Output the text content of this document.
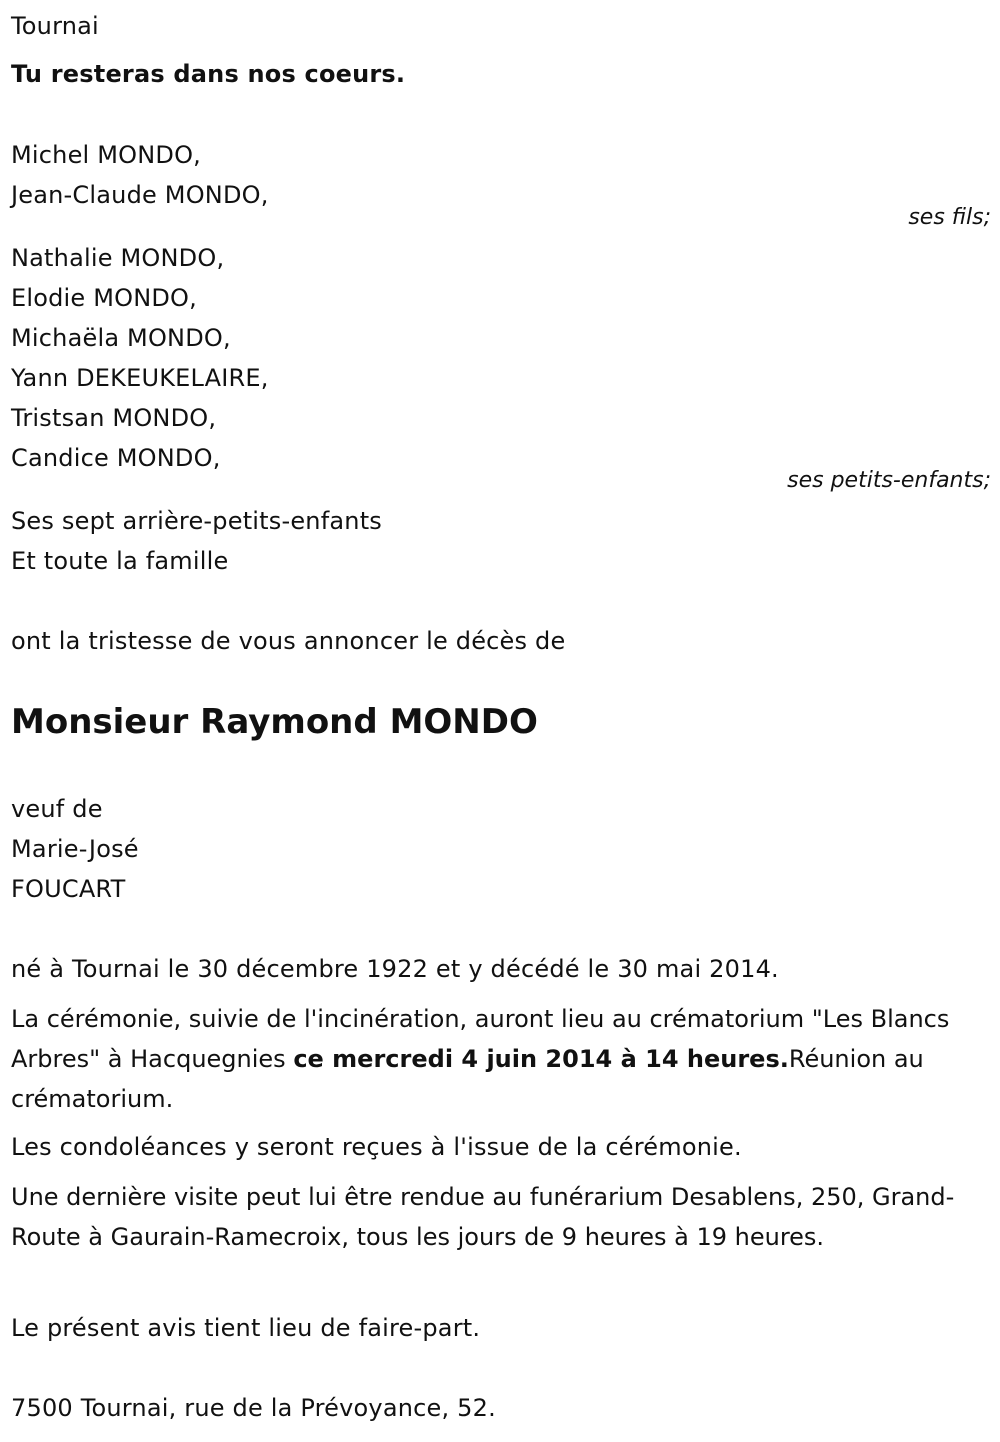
Tournai
Tu resteras dans nos coeurs.
Michel MONDO,
Jean-Claude MONDO,
ses fils;
Nathalie MONDO,
Elodie MONDO,
Michaëla MONDO,
Yann DEKEUKELAIRE,
Tristsan MONDO,
Candice MONDO,
ses petits-enfants;
Ses sept arrière-petits-enfants
Et toute la famille
ont la tristesse de vous annoncer le décès de
Monsieur Raymond MONDO
veuf de
Marie-José
FOUCART
né à Tournai le 30 décembre 1922 et y décédé le 30 mai 2014.
La cérémonie, suivie de l'incinération, auront lieu au crématorium "Les Blancs Arbres" à Hacquegnies ce mercredi 4 juin 2014 à 14 heures.Réunion au crématorium.
Les condoléances y seront reçues à l'issue de la cérémonie.
Une dernière visite peut lui être rendue au funérarium Desablens, 250, Grand-Route à Gaurain-Ramecroix, tous les jours de 9 heures à 19 heures.
Le présent avis tient lieu de faire-part.
7500 Tournai, rue de la Prévoyance, 52.
